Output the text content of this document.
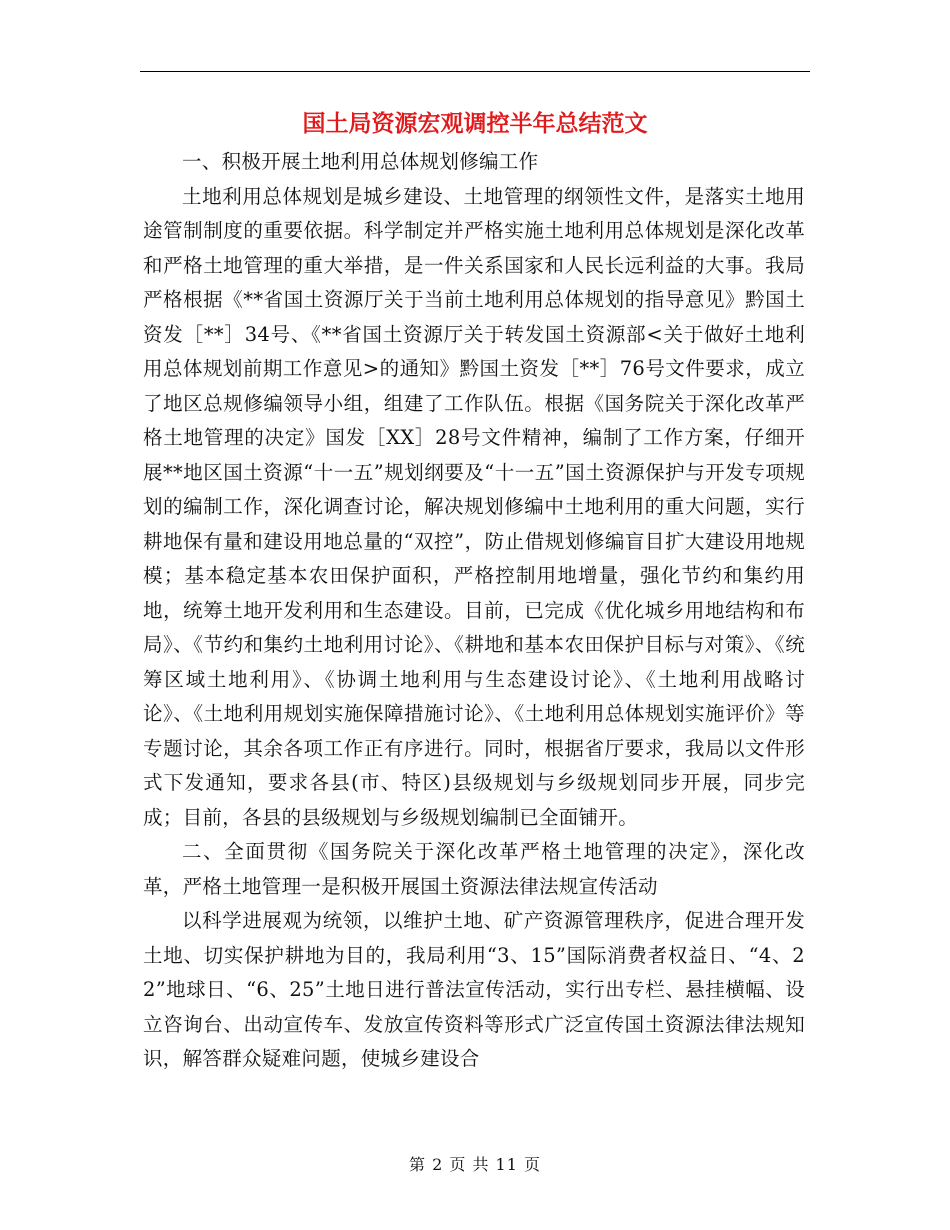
国土局资源宏观调控半年总结范文

一、积极开展土地利用总体规划修编工作

土地利用总体规划是城乡建设、土地管理的纲领性文件，是落实土地用途管制制度的重要依据。科学制定并严格实施土地利用总体规划是深化改革和严格土地管理的重大举措，是一件关系国家和人民长远利益的大事。我局严格根据《**省国土资源厅关于当前土地利用总体规划的指导意见》黔国土资发［**］34号、《**省国土资源厅关于转发国土资源部<关于做好土地利用总体规划前期工作意见>的通知》黔国土资发［**］76号文件要求，成立了地区总规修编领导小组，组建了工作队伍。根据《国务院关于深化改革严格土地管理的决定》国发［XX］28号文件精神，编制了工作方案，仔细开展**地区国土资源“十一五”规划纲要及“十一五”国土资源保护与开发专项规划的编制工作，深化调查讨论，解决规划修编中土地利用的重大问题，实行耕地保有量和建设用地总量的“双控”，防止借规划修编盲目扩大建设用地规模；基本稳定基本农田保护面积，严格控制用地增量，强化节约和集约用地，统筹土地开发利用和生态建设。目前，已完成《优化城乡用地结构和布局》、《节约和集约土地利用讨论》、《耕地和基本农田保护目标与对策》、《统筹区域土地利用》、《协调土地利用与生态建设讨论》、《土地利用战略讨论》、《土地利用规划实施保障措施讨论》、《土地利用总体规划实施评价》等专题讨论，其余各项工作正有序进行。同时，根据省厅要求，我局以文件形式下发通知，要求各县(市、特区)县级规划与乡级规划同步开展，同步完成；目前，各县的县级规划与乡级规划编制已全面铺开。

二、全面贯彻《国务院关于深化改革严格土地管理的决定》，深化改革，严格土地管理一是积极开展国土资源法律法规宣传活动

以科学进展观为统领，以维护土地、矿产资源管理秩序，促进合理开发土地、切实保护耕地为目的，我局利用“3、15”国际消费者权益日、“4、22”地球日、“6、25”土地日进行普法宣传活动，实行出专栏、悬挂横幅、设立咨询台、出动宣传车、发放宣传资料等形式广泛宣传国土资源法律法规知识，解答群众疑难问题，使城乡建设合

第 2 页 共 11 页
